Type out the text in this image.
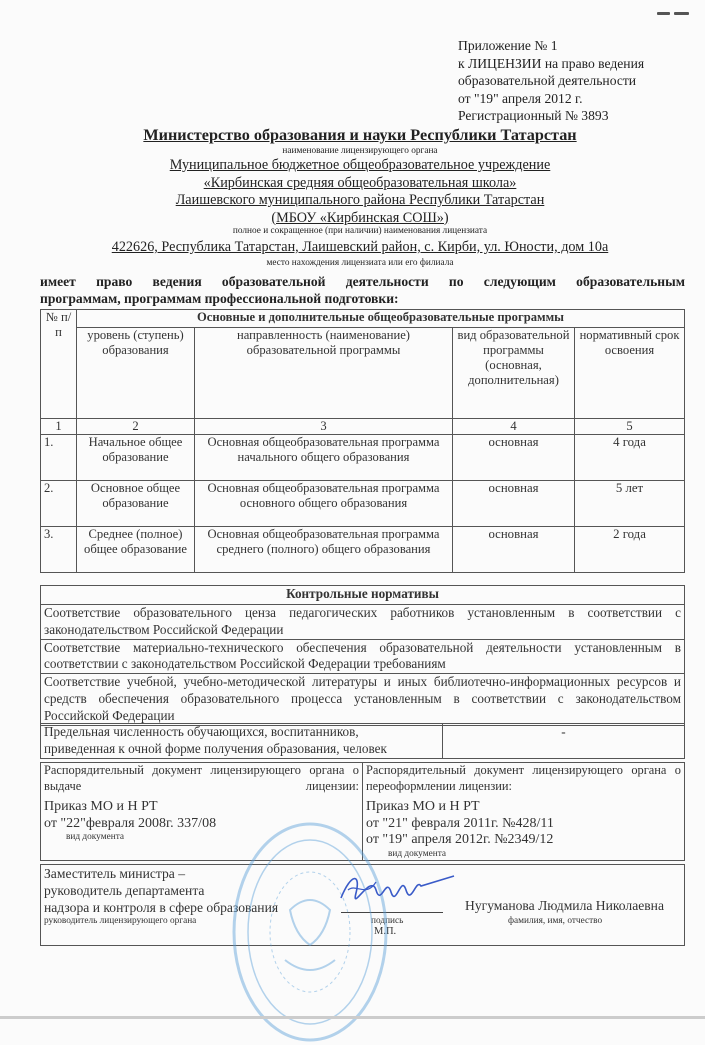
Приложение № 1
к ЛИЦЕНЗИИ на право ведения
образовательной деятельности
от "19" апреля 2012 г.
Регистрационный № 3893
Министерство образования и науки Республики Татарстан
наименование лицензирующего органа
Муниципальное бюджетное общеобразовательное учреждение
«Кирбинская средняя общеобразовательная школа»
Лаишевского муниципального района Республики Татарстан
(МБОУ «Кирбинская СОШ»)
полное и сокращенное (при наличии) наименования лицензиата
422626, Республика Татарстан, Лаишевский район, с. Кирби, ул. Юности, дом 10а
место нахождения лицензиата или его филиала
имеет право ведения образовательной деятельности по следующим образовательным
программам, программам профессиональной подготовки:
№ п/п	Основные и дополнительные общеобразовательные программы			
	уровень (ступень) образования	направленность (наименование) образовательной программы	вид образовательной программы (основная, дополнительная)	нормативный срок освоения
1	2	3	4	5
1.	Начальное общее образование	Основная общеобразовательная программа начального общего образования	основная	4 года
2.	Основное общее образование	Основная общеобразовательная программа основного общего образования	основная	5 лет
3.	Среднее (полное) общее образование	Основная общеобразовательная программа среднего (полного) общего образования	основная	2 года
Контрольные нормативы
Соответствие образовательного ценза педагогических работников установленным в соответствии с законодательством Российской Федерации
Соответствие материально-технического обеспечения образовательной деятельности установленным в соответствии с законодательством Российской Федерации требованиям
Соответствие учебной, учебно-методической литературы и иных библиотечно-информационных ресурсов и средств обеспечения образовательного процесса установленным в соответствии с законодательством Российской Федерации
Предельная численность обучающихся, воспитанников,
приведенная к очной форме получения образования, человек
	-
Распорядительный документ лицензирующего органа о выдаче лицензии:
Приказ МО и Н РТ
от "22"февраля 2008г. 337/08
вид документа

Распорядительный документ лицензирующего органа о переоформлении лицензии:
Приказ МО и Н РТ
от "21" февраля 2011г. №428/11
от "19" апреля 2012г. №2349/12
вид документа
Заместитель министра –
руководитель департамента
надзора и контроля в сфере образования
руководитель лицензирующего органа	подпись
М.П.
Нугуманова Людмила Николаевна
фамилия, имя, отчество
